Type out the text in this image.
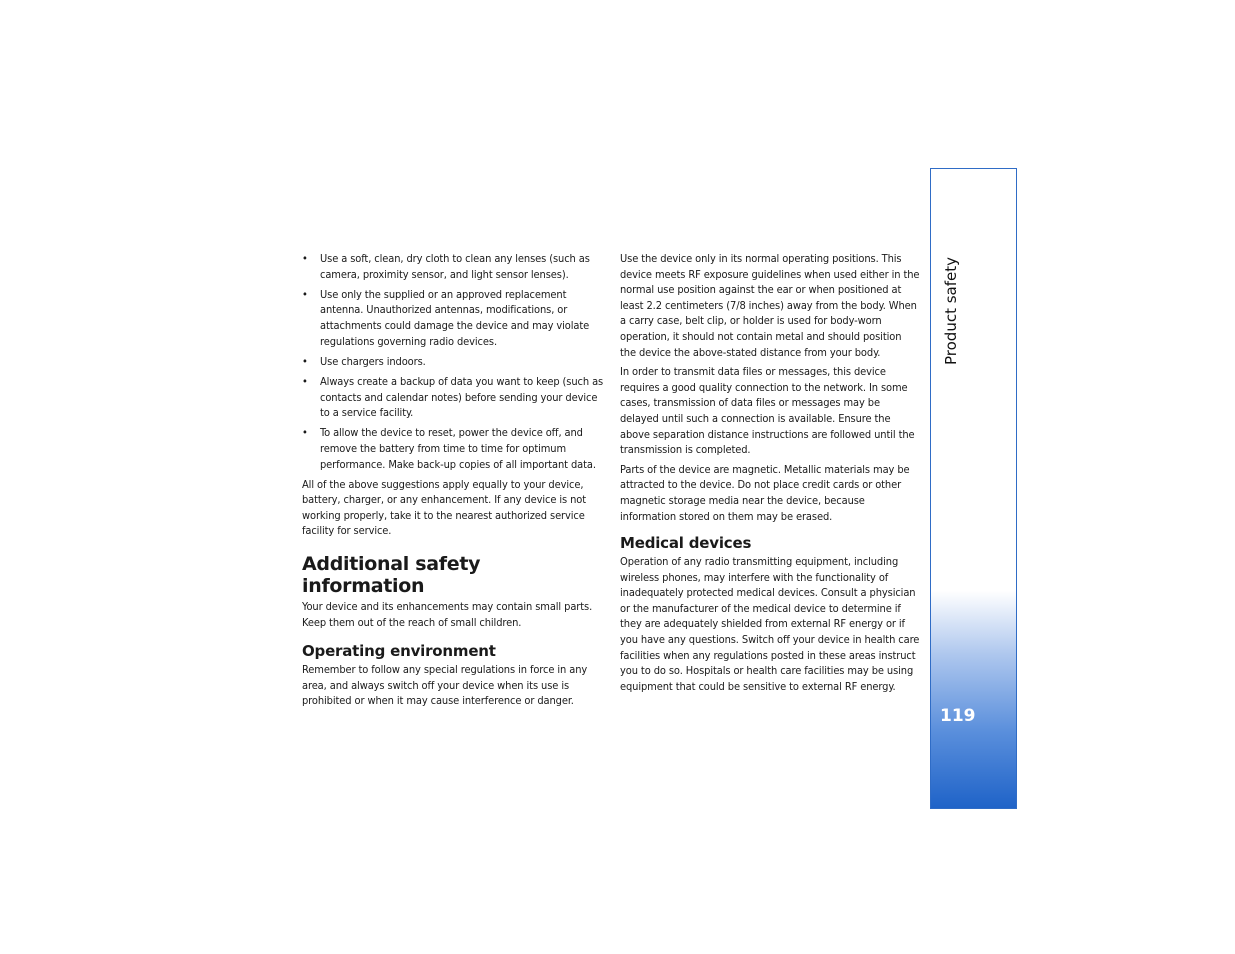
• Use a soft, clean, dry cloth to clean any lenses (such as camera, proximity sensor, and light sensor lenses).
• Use only the supplied or an approved replacement antenna. Unauthorized antennas, modifications, or attachments could damage the device and may violate regulations governing radio devices.
• Use chargers indoors.
• Always create a backup of data you want to keep (such as contacts and calendar notes) before sending your device to a service facility.
• To allow the device to reset, power the device off, and remove the battery from time to time for optimum performance. Make back-up copies of all important data.

All of the above suggestions apply equally to your device, battery, charger, or any enhancement. If any device is not working properly, take it to the nearest authorized service facility for service.

Additional safety information

Your device and its enhancements may contain small parts. Keep them out of the reach of small children.

Operating environment

Remember to follow any special regulations in force in any area, and always switch off your device when its use is prohibited or when it may cause interference or danger.

Use the device only in its normal operating positions. This device meets RF exposure guidelines when used either in the normal use position against the ear or when positioned at least 2.2 centimeters (7/8 inches) away from the body. When a carry case, belt clip, or holder is used for body-worn operation, it should not contain metal and should position the device the above-stated distance from your body.

In order to transmit data files or messages, this device requires a good quality connection to the network. In some cases, transmission of data files or messages may be delayed until such a connection is available. Ensure the above separation distance instructions are followed until the transmission is completed.

Parts of the device are magnetic. Metallic materials may be attracted to the device. Do not place credit cards or other magnetic storage media near the device, because information stored on them may be erased.

Medical devices

Operation of any radio transmitting equipment, including wireless phones, may interfere with the functionality of inadequately protected medical devices. Consult a physician or the manufacturer of the medical device to determine if they are adequately shielded from external RF energy or if you have any questions. Switch off your device in health care facilities when any regulations posted in these areas instruct you to do so. Hospitals or health care facilities may be using equipment that could be sensitive to external RF energy.

Product safety
119
